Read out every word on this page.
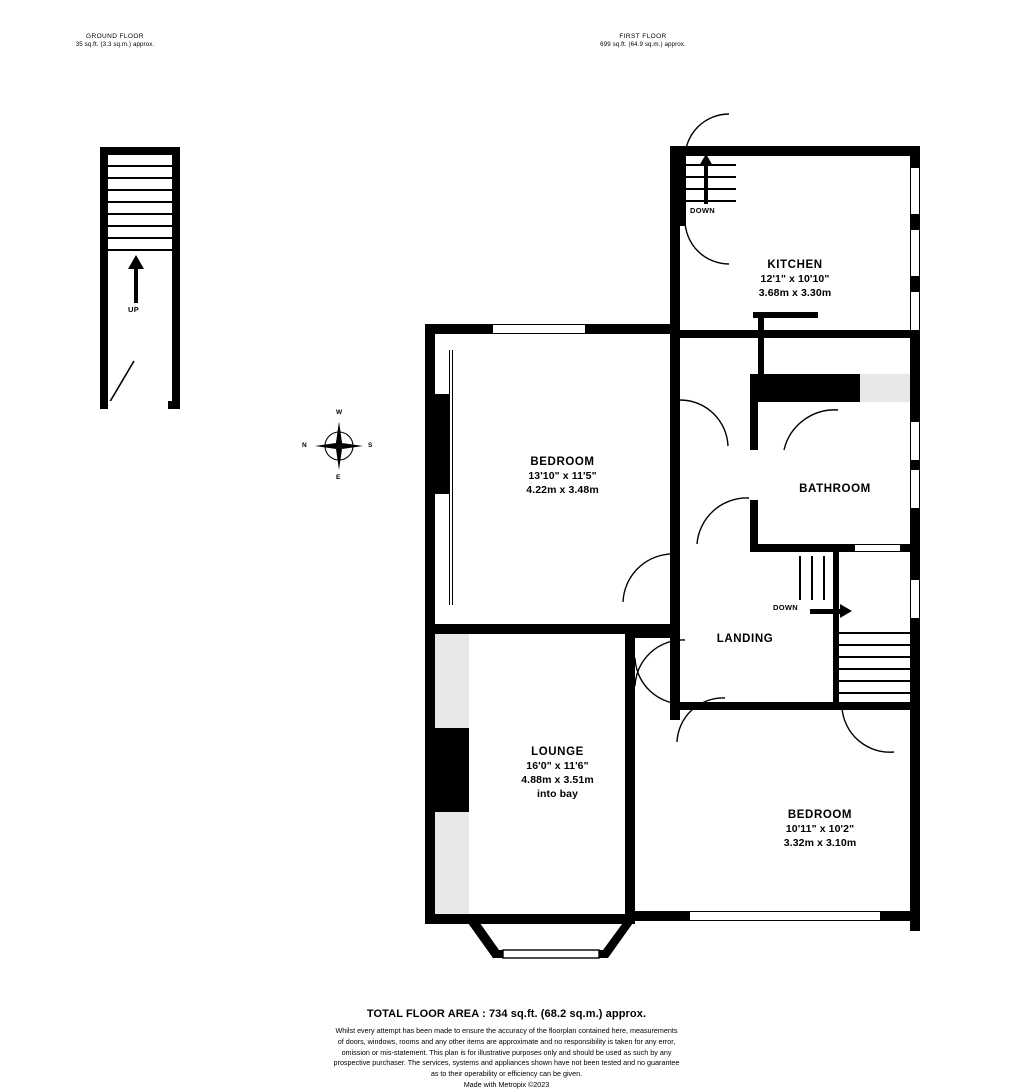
GROUND FLOOR
35 sq.ft. (3.3 sq.m.) approx.
FIRST FLOOR
699 sq.ft. (64.9 sq.m.) approx.
UP
W
S
E
N
DOWN
KITCHEN
12'1" x 10'10"
3.68m x 3.30m
BATHROOM
DOWN
LANDING
BEDROOM
10'11" x 10'2"
3.32m x 3.10m
BEDROOM
13'10" x 11'5"
4.22m x 3.48m
LOUNGE
16'0" x 11'6"
4.88m x 3.51m
into bay
TOTAL FLOOR AREA : 734 sq.ft. (68.2 sq.m.) approx.
Whilst every attempt has been made to ensure the accuracy of the floorplan contained here, measurements
of doors, windows, rooms and any other items are approximate and no responsibility is taken for any error,
omission or mis-statement. This plan is for illustrative purposes only and should be used as such by any
prospective purchaser. The services, systems and appliances shown have not been tested and no guarantee
as to their operability or efficiency can be given.
Made with Metropix ©2023
